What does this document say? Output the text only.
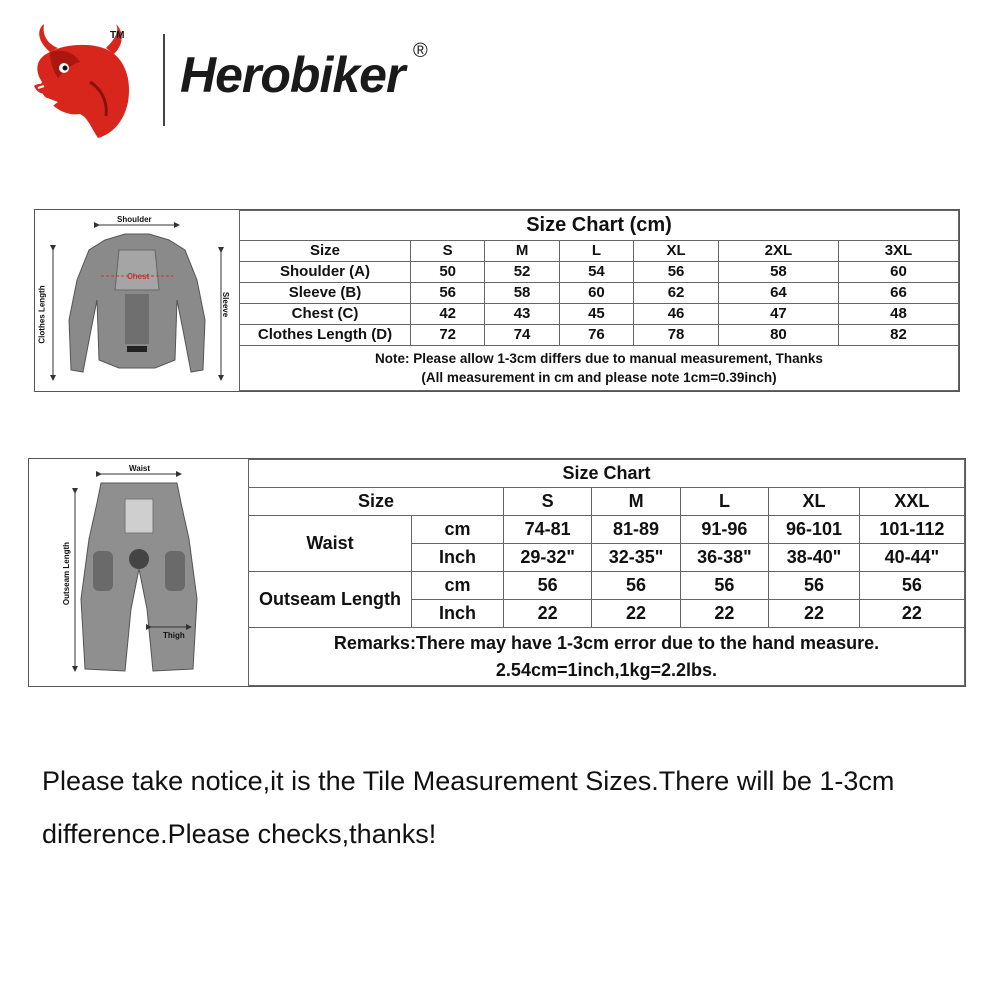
TM
Herobiker ®
Shoulder
Chest
Clothes Length	Sleeve
Size Chart (cm)						
Size	S	M	L	XL	2XL	3XL
Shoulder (A)	50	52	54	56	58	60
Sleeve (B)	56	58	60	62	64	66
Chest (C)	42	43	45	46	47	48
Clothes Length (D)	72	74	76	78	80	82

Note: Please allow 1-3cm differs due to manual measurement, Thanks
(All measurement in cm and please note 1cm=0.39inch)						
Waist
Outseam Length
Thigh
Size Chart						
Size		S	M	L	XL	XXL
Waist	cm	74-81	81-89	91-96	96-101	101-112
	Inch	29-32"	32-35"	36-38"	38-40"	40-44"
Outseam Length	cm	56	56	56	56	56
	Inch	22	22	22	22	22

Remarks:There may have 1-3cm error due to the hand measure.
2.54cm=1inch,1kg=2.2lbs.						
Please take notice,it is the Tile Measurement Sizes.There will be 1-3cm
difference.Please checks,thanks!
